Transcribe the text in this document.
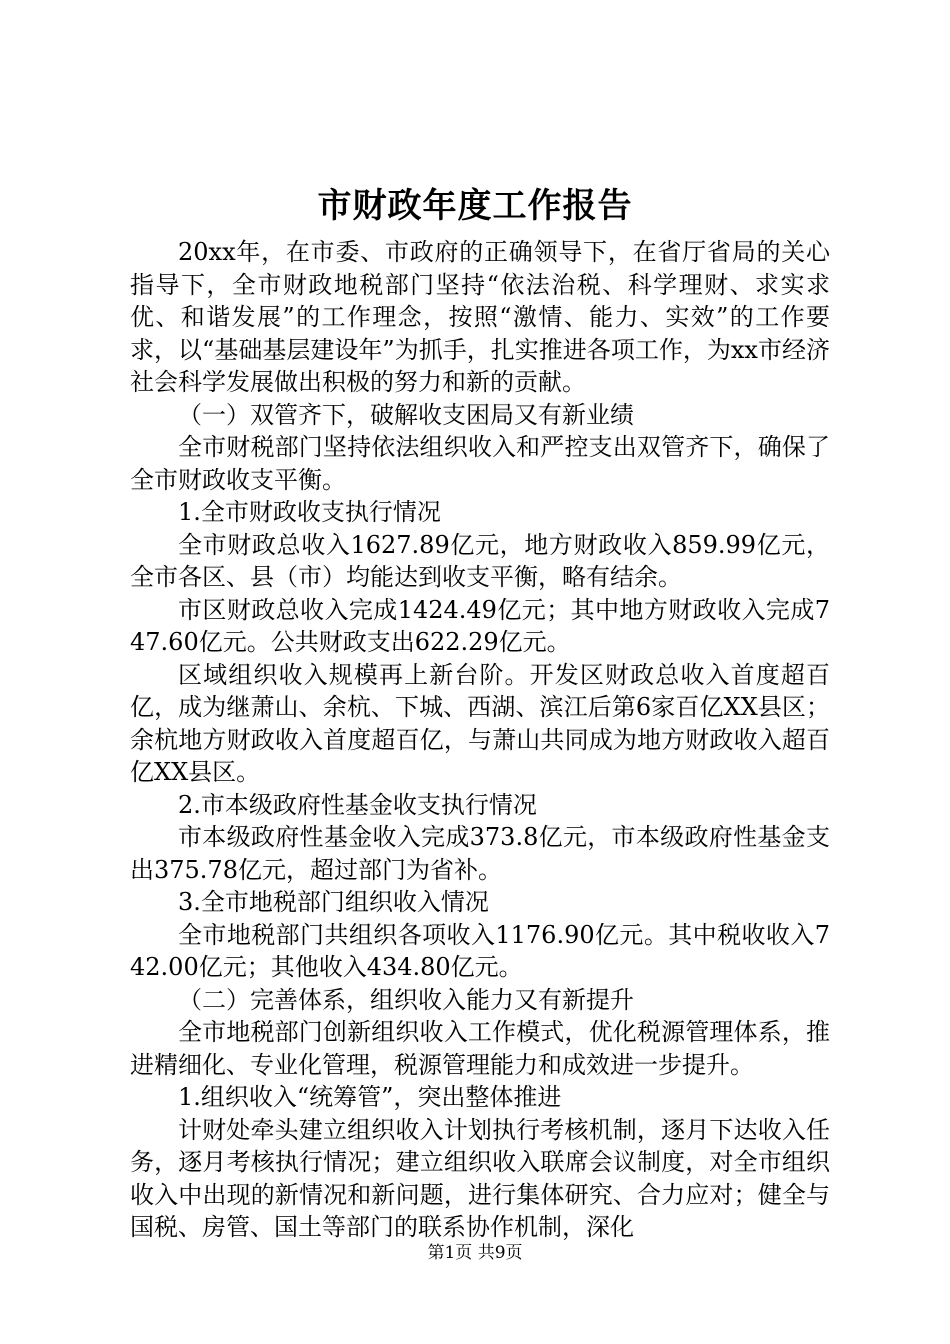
市财政年度工作报告

20xx年，在市委、市政府的正确领导下，在省厅省局的关心指导下，全市财政地税部门坚持“依法治税、科学理财、求实求优、和谐发展”的工作理念，按照“激情、能力、实效”的工作要求，以“基础基层建设年”为抓手，扎实推进各项工作，为xx市经济社会科学发展做出积极的努力和新的贡献。

（一）双管齐下，破解收支困局又有新业绩

全市财税部门坚持依法组织收入和严控支出双管齐下，确保了全市财政收支平衡。

1.全市财政收支执行情况

全市财政总收入1627.89亿元，地方财政收入859.99亿元，全市各区、县（市）均能达到收支平衡，略有结余。

市区财政总收入完成1424.49亿元；其中地方财政收入完成747.60亿元。公共财政支出622.29亿元。

区域组织收入规模再上新台阶。开发区财政总收入首度超百亿，成为继萧山、余杭、下城、西湖、滨江后第6家百亿XX县区；余杭地方财政收入首度超百亿，与萧山共同成为地方财政收入超百亿XX县区。

2.市本级政府性基金收支执行情况

市本级政府性基金收入完成373.8亿元，市本级政府性基金支出375.78亿元，超过部门为省补。

3.全市地税部门组织收入情况

全市地税部门共组织各项收入1176.90亿元。其中税收收入742.00亿元；其他收入434.80亿元。

（二）完善体系，组织收入能力又有新提升

全市地税部门创新组织收入工作模式，优化税源管理体系，推进精细化、专业化管理，税源管理能力和成效进一步提升。

1.组织收入“统筹管”，突出整体推进

计财处牵头建立组织收入计划执行考核机制，逐月下达收入任务，逐月考核执行情况；建立组织收入联席会议制度，对全市组织收入中出现的新情况和新问题，进行集体研究、合力应对；健全与国税、房管、国土等部门的联系协作机制，深化

第1页 共9页
